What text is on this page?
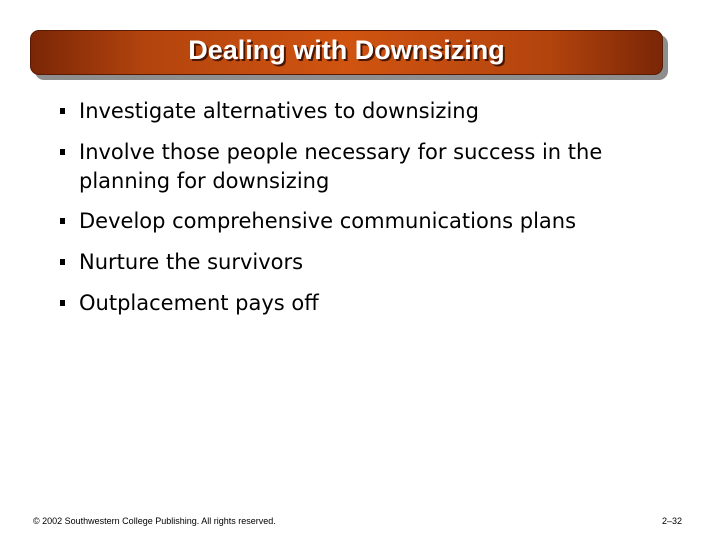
Dealing with Downsizing
Investigate alternatives to downsizing
Involve those people necessary for success in the planning for downsizing
Develop comprehensive communications plans
Nurture the survivors
Outplacement pays off
© 2002 Southwestern College Publishing. All rights reserved.	2–32
